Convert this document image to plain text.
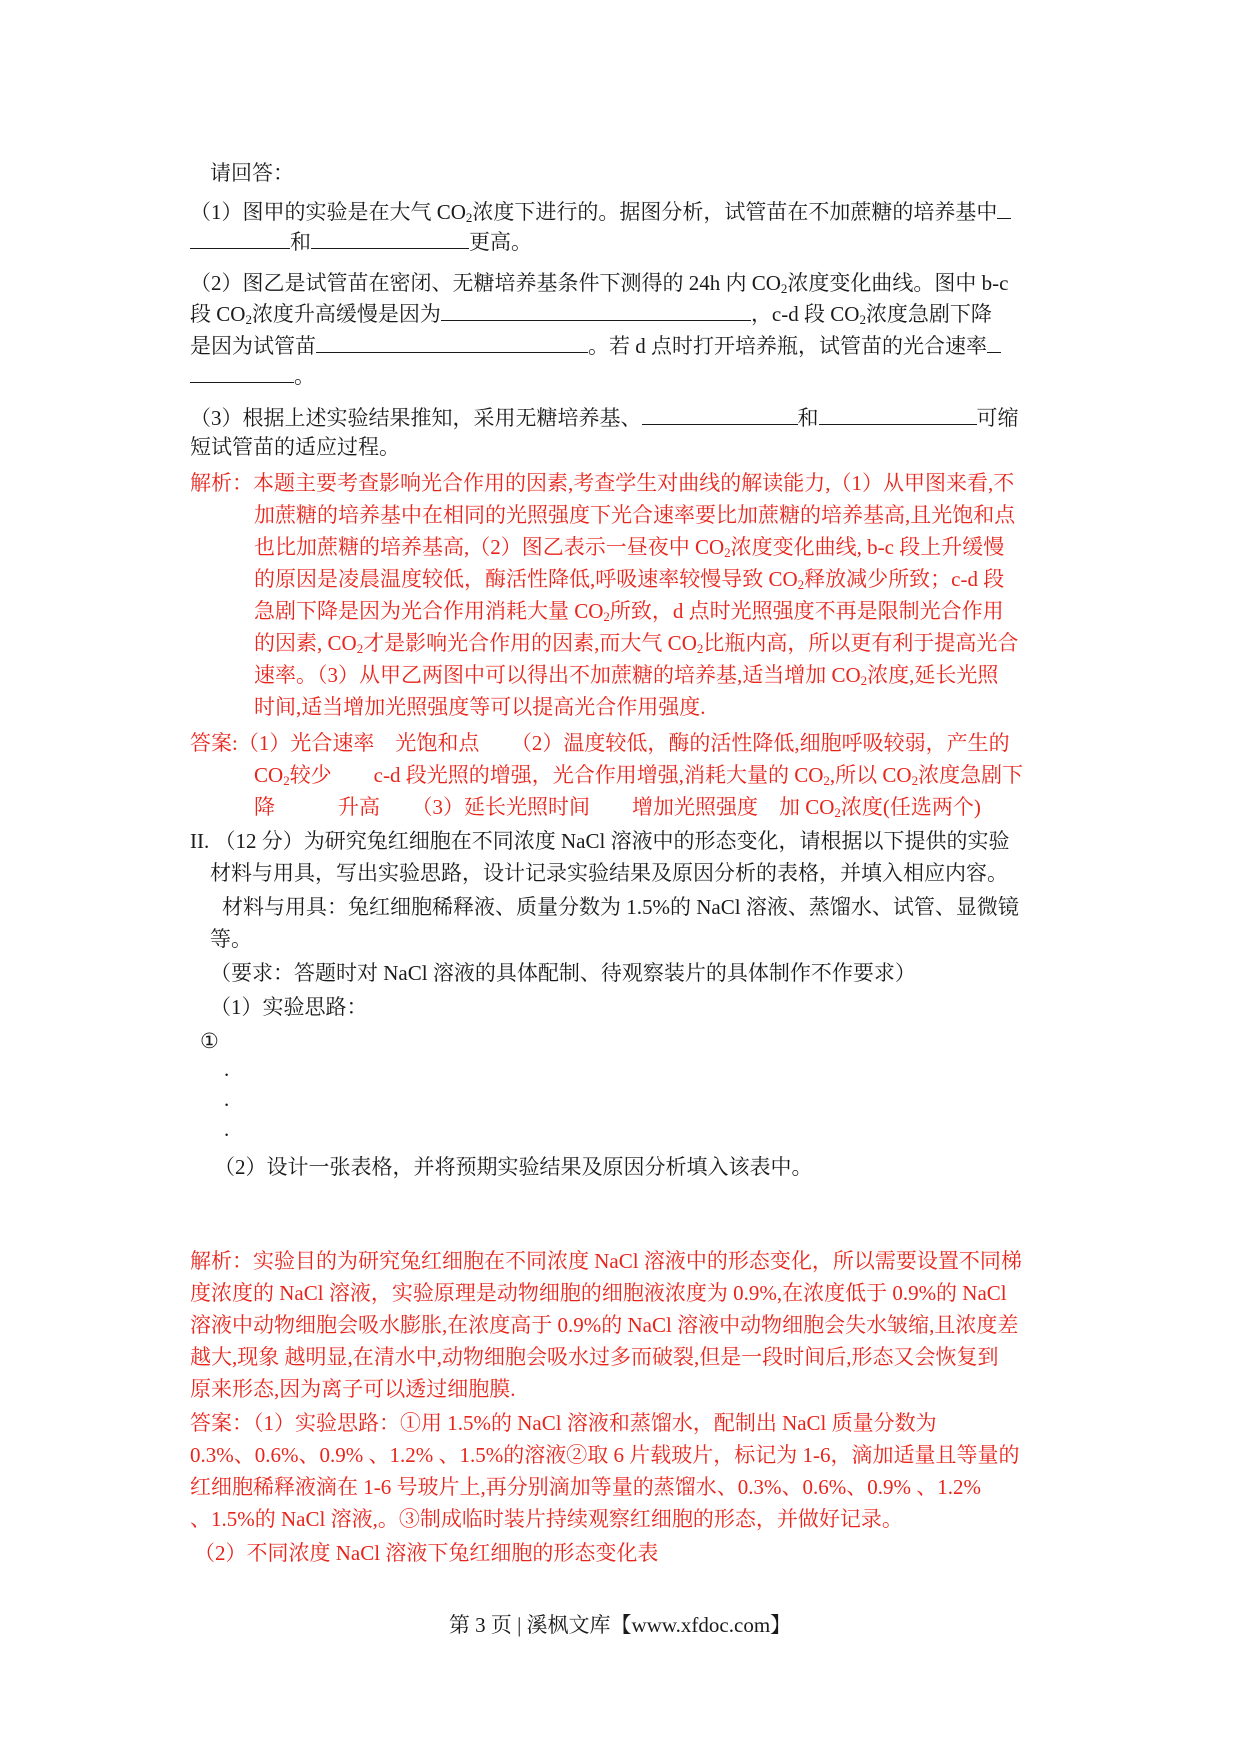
请回答：
（1）图甲的实验是在大气 $CO_2$浓度下进行的。据图分析，试管苗在不加蔗糖的培养基中
和	更高。
（2）图乙是试管苗在密闭、无糖培养基条件下测得的 24h 内 $CO_2$浓度变化曲线。图中 b-c
段 $CO_2$浓度升高缓慢是因为	，c-d 段 $CO_2$浓度急剧下降
是因为试管苗	。若 d 点时打开培养瓶，试管苗的光合速率
。
（3）根据上述实验结果推知，采用无糖培养基、	和	可缩
短试管苗的适应过程。
解析：本题主要考查影响光合作用的因素,考查学生对曲线的解读能力,（1）从甲图来看,不
加蔗糖的培养基中在相同的光照强度下光合速率要比加蔗糖的培养基高,且光饱和点
也比加蔗糖的培养基高,（2）图乙表示一昼夜中 $CO_2$浓度变化曲线, b-c 段上升缓慢
的原因是凌晨温度较低，酶活性降低,呼吸速率较慢导致 $CO_2$释放减少所致；c-d 段
急剧下降是因为光合作用消耗大量 $CO_2$所致，d 点时光照强度不再是限制光合作用
的因素, $CO_2$才是影响光合作用的因素,而大气 $CO_2$比瓶内高，所以更有利于提高光合
速率。（3）从甲乙两图中可以得出不加蔗糖的培养基,适当增加 $CO_2$浓度,延长光照
时间,适当增加光照强度等可以提高光合作用强度.
答案:（1）光合速率　光饱和点　　（2）温度较低，酶的活性降低,细胞呼吸较弱，产生的
$CO_2$较少　　c-d 段光照的增强，光合作用增强,消耗大量的 $CO_2$,所以 $CO_2$浓度急剧下
降　　　升高　　（3）延长光照时间　　增加光照强度　加 $CO_2$浓度(任选两个)
II. （12 分）为研究兔红细胞在不同浓度 NaCl 溶液中的形态变化，请根据以下提供的实验
材料与用具，写出实验思路，设计记录实验结果及原因分析的表格，并填入相应内容。
材料与用具：兔红细胞稀释液、质量分数为 1.5%的 NaCl 溶液、蒸馏水、试管、显微镜
等。
（要求：答题时对 NaCl 溶液的具体配制、待观察装片的具体制作不作要求）
（1）实验思路：
①
.
.
.
（2）设计一张表格，并将预期实验结果及原因分析填入该表中。
解析：实验目的为研究兔红细胞在不同浓度 NaCl 溶液中的形态变化，所以需要设置不同梯
度浓度的 NaCl 溶液，实验原理是动物细胞的细胞液浓度为 0.9%,在浓度低于 0.9%的 NaCl
溶液中动物细胞会吸水膨胀,在浓度高于 0.9%的 NaCl 溶液中动物细胞会失水皱缩,且浓度差
越大,现象 越明显,在清水中,动物细胞会吸水过多而破裂,但是一段时间后,形态又会恢复到
原来形态,因为离子可以透过细胞膜.
答案：（1）实验思路：①用 1.5%的 NaCl 溶液和蒸馏水，配制出 NaCl 质量分数为
0.3%、0.6%、0.9% 、1.2% 、1.5%的溶液②取 6 片载玻片，标记为 1-6，滴加适量且等量的
红细胞稀释液滴在 1-6 号玻片上,再分别滴加等量的蒸馏水、0.3%、0.6%、0.9% 、1.2%
、1.5%的 NaCl 溶液,。③制成临时装片持续观察红细胞的形态，并做好记录。
（2）不同浓度 NaCl 溶液下兔红细胞的形态变化表
第 3 页 | 溪枫文库【www.xfdoc.com】
